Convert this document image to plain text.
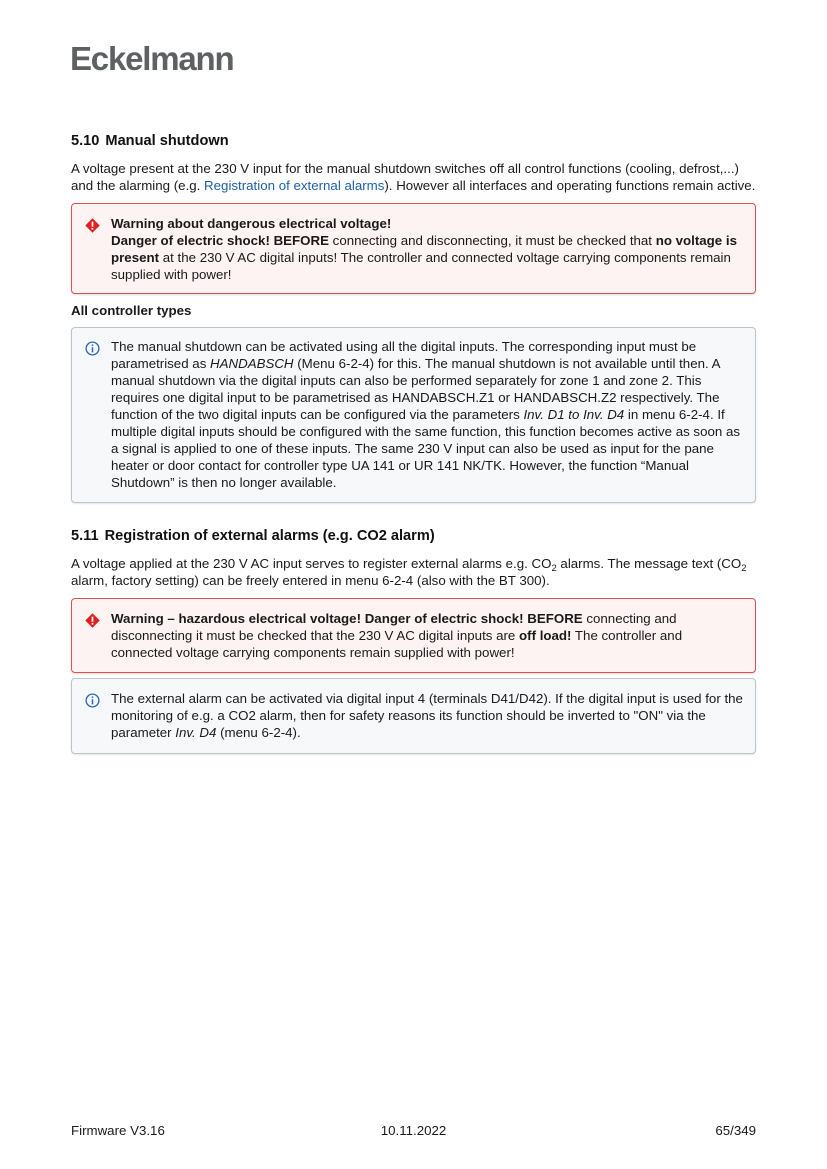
Eckelmann
5.10 Manual shutdown

A voltage present at the 230 V input for the manual shutdown switches off all control functions (cooling, defrost,...) and the alarming (e.g. Registration of external alarms). However all interfaces and operating functions remain active.

Warning about dangerous electrical voltage!
Danger of electric shock! BEFORE connecting and disconnecting, it must be checked⁠ that no voltage is present at the 230 V AC digital inputs! The controller and connected voltage carrying components remain supplied with power!
All controller types
The manual shutdown can be activated using all the digital inputs. The corresponding input must be parametrised as HANDABSCH (Menu 6-2-4) for this. The manual shutdown is not available until then. A manual shutdown via the digital inputs can also be performed separately for zone 1 and zone 2. This requires one digital input to be parametrised as HANDABSCH.Z1 or HANDABSCH.Z2 respectively. The function of the two digital inputs can be configured via the parameters Inv. D1 to Inv. D4 in menu 6-2-4. If multiple digital inputs should be configured with the same function, this function becomes active as soon as a signal is applied to one of these inputs. The same 230 V input can also be used as input for the pane heater or door contact for controller type UA 141 or UR 141 NK/TK. However, the function “Manual Shutdown” is then no longer available.
5.11 Registration of external alarms (e.g. CO2 alarm)

A voltage applied at the 230 V AC input serves to register external alarms e.g. $CO_2$ alarms. The message text ($CO_2$ alarm, factory setting) can be freely entered in menu 6-2-4 (also with the BT 300).

Warning – hazardous electrical voltage! Danger of electric shock! BEFORE connecting and disconnecting it must be checked that the 230 V AC digital inputs are off load! The controller and connected voltage carrying components remain supplied with power!
The external alarm can be activated via digital input 4 (terminals D41/D42). If the digital input is used for the monitoring of e.g. a CO2 alarm, then for safety reasons its function should be inverted to "ON" via the parameter Inv. D4 (menu 6-2-4).
Firmware V3.16	10.11.2022	65/349
